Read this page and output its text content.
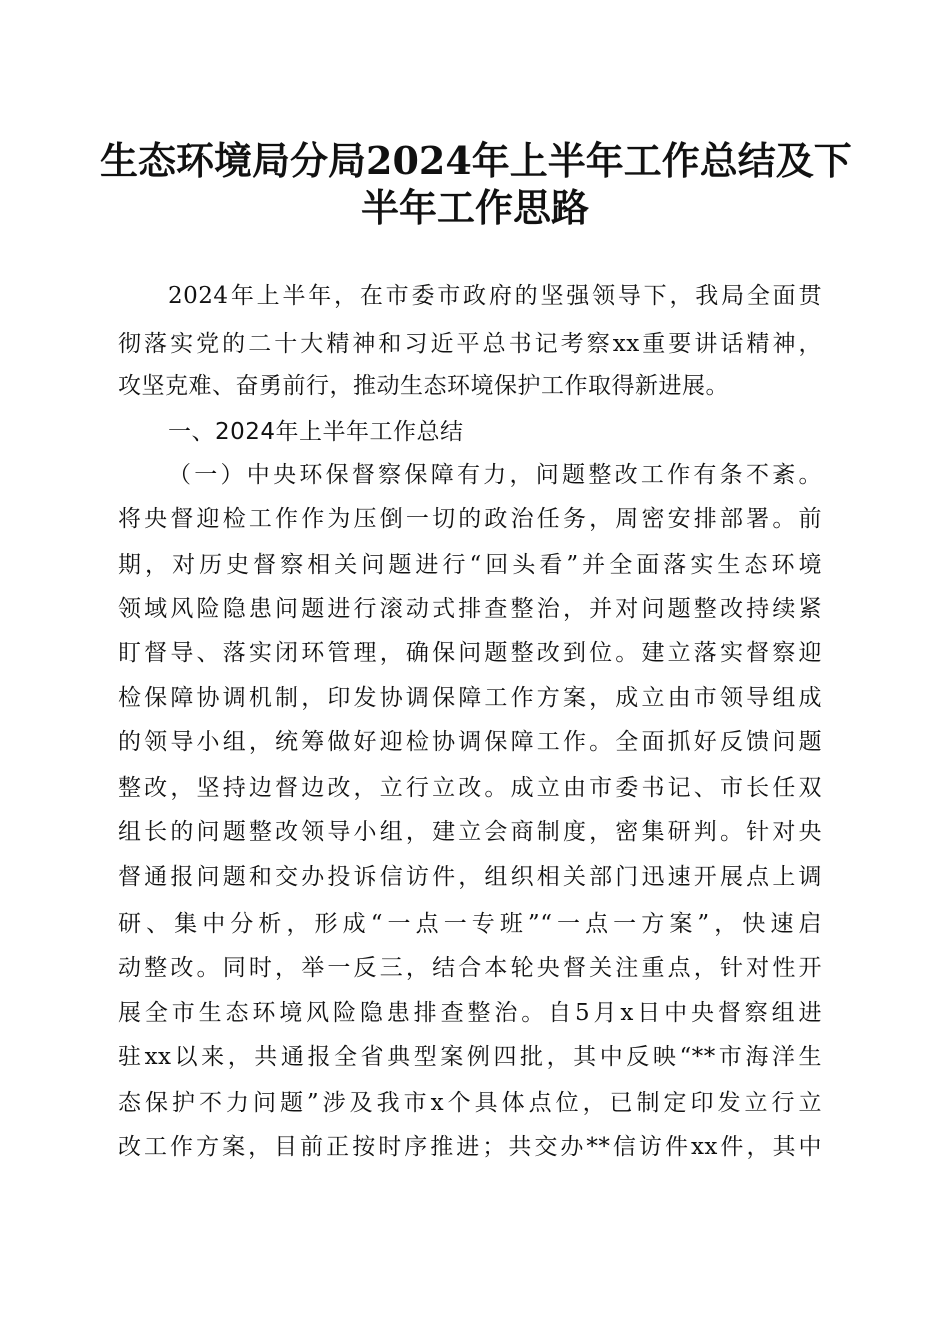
生态环境局分局2024年上半年工作总结及下
半年工作思路
2024年上半年，在市委市政府的坚强领导下，我局全面贯
彻落实党的二十大精神和习近平总书记考察xx重要讲话精神，
攻坚克难、奋勇前行，推动生态环境保护工作取得新进展。
一、2024年上半年工作总结
（一）中央环保督察保障有力，问题整改工作有条不紊。
将央督迎检工作作为压倒一切的政治任务，周密安排部署。前
期，对历史督察相关问题进行“回头看”并全面落实生态环境
领域风险隐患问题进行滚动式排查整治，并对问题整改持续紧
盯督导、落实闭环管理，确保问题整改到位。建立落实督察迎
检保障协调机制，印发协调保障工作方案，成立由市领导组成
的领导小组，统筹做好迎检协调保障工作。全面抓好反馈问题
整改，坚持边督边改，立行立改。成立由市委书记、市长任双
组长的问题整改领导小组，建立会商制度，密集研判。针对央
督通报问题和交办投诉信访件，组织相关部门迅速开展点上调
研、集中分析，形成“一点一专班”“一点一方案”，快速启
动整改。同时，举一反三，结合本轮央督关注重点，针对性开
展全市生态环境风险隐患排查整治。自5月x日中央督察组进
驻xx以来，共通报全省典型案例四批，其中反映“**市海洋生
态保护不力问题”涉及我市x个具体点位，已制定印发立行立
改工作方案，目前正按时序推进；共交办**信访件xx件，其中
